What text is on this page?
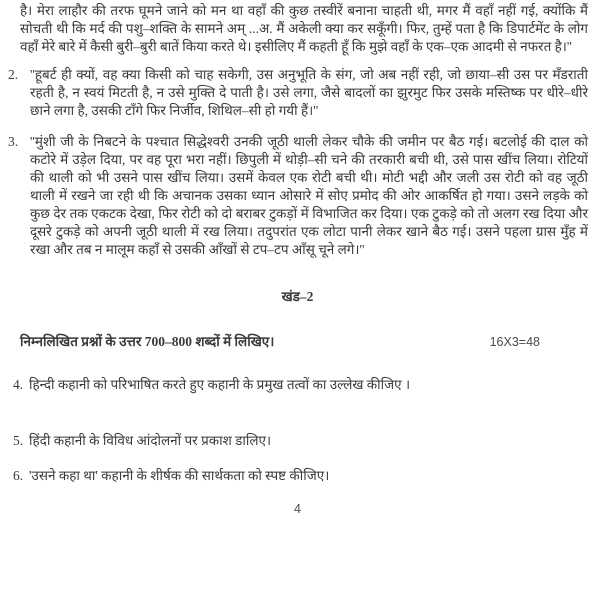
है। मेरा लाहौर की तरफ घूमने जाने को मन था वहाँ की कुछ तस्वीरें बनाना चाहती थी, मगर मैं वहाँ नहीं गई, क्योंकि मैं सोचती थी कि मर्द की पशु–शक्ति के सामने अम् ...अ. मैं अकेली क्या कर सकूँगी। फिर, तुम्हें पता है कि डिपार्टमेंट के लोग वहाँ मेरे बारे में कैसी बुरी–बुरी बातें किया करते थे। इसीलिए मैं कहती हूँ कि मुझे वहाँ के एक–एक आदमी से नफरत है।''

2. ''हूबर्ट ही क्यों, वह क्या किसी को चाह सकेगी, उस अनुभूति के संग, जो अब नहीं रही, जो छाया–सी उस पर मँडराती रहती है, न स्वयं मिटती है, न उसे मुक्ति दे पाती है। उसे लगा, जैसे बादलों का झुरमुट फिर उसके मस्तिष्क पर धीरे–धीरे छाने लगा है, उसकी टाँगे फिर निर्जीव, शिथिल–सी हो गयी हैं।''
3. ''मुंशी जी के निबटने के पश्चात सिद्धेश्वरी उनकी जूठी थाली लेकर चौके की जमीन पर बैठ गई। बटलोई की दाल को कटोरे में उड़ेल दिया, पर वह पूरा भरा नहीं। छिपुली में थोड़ी–सी चने की तरकारी बची थी, उसे पास खींच लिया। रोटियों की थाली को भी उसने पास खींच लिया। उसमें केवल एक रोटी बची थी। मोटी भद्दी और जली उस रोटी को वह जूठी थाली में रखने जा रही थी कि अचानक उसका ध्यान ओसारे में सोए प्रमोद की ओर आकर्षित हो गया। उसने लड़के को कुछ देर तक एकटक देखा, फिर रोटी को दो बराबर टुकड़ों में विभाजित कर दिया। एक टुकड़े को तो अलग रख दिया और दूसरे टुकड़े को अपनी जूठी थाली में रख लिया। तदुपरांत एक लोटा पानी लेकर खाने बैठ गई। उसने पहला ग्रास मुँह में रखा और तब न मालूम कहाँ से उसकी आँखों से टप–टप आँसू चूने लगे।''
खंड–2
निम्नलिखित प्रश्नों के उत्तर 700–800 शब्दों में लिखिए।	16X3=48
4. हिन्दी कहानी को परिभाषित करते हुए कहानी के प्रमुख तत्वों का उल्लेख कीजिए ।
5. हिंदी कहानी के विविध आंदोलनों पर प्रकाश डालिए।
6. 'उसने कहा था' कहानी के शीर्षक की सार्थकता को स्पष्ट कीजिए।
4
